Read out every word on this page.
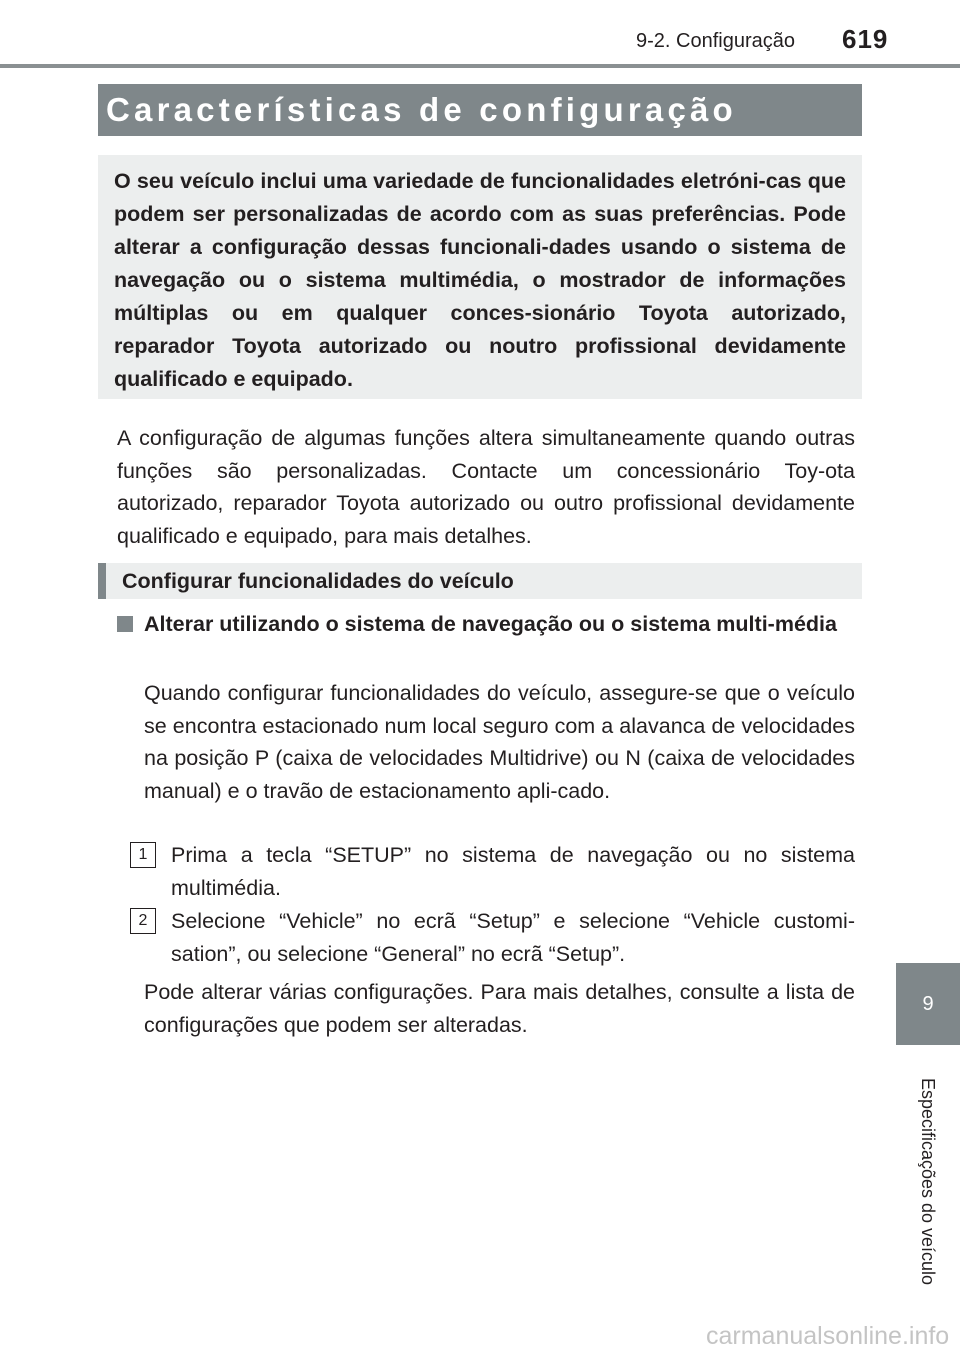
9-2. Configuração 619
9
Especificações do veículo
Características de configuração

O seu veículo inclui uma variedade de funcionalidades eletróni-cas que podem ser personalizadas de acordo com as suas preferências. Pode alterar a configuração dessas funcionali-dades usando o sistema de navegação ou o sistema multimédia, o mostrador de informações múltiplas ou em qualquer conces-sionário Toyota autorizado, reparador Toyota autorizado ou noutro profissional devidamente qualificado e equipado.

A configuração de algumas funções altera simultaneamente quando outras funções são personalizadas. Contacte um concessionário Toy-ota autorizado, reparador Toyota autorizado ou outro profissional devidamente qualificado e equipado, para mais detalhes.

Configurar funcionalidades do veículo

Alterar utilizando o sistema de navegação ou o sistema multi-média

Quando configurar funcionalidades do veículo, assegure-se que o veículo se encontra estacionado num local seguro com a alavanca de velocidades na posição P (caixa de velocidades Multidrive) ou N (caixa de velocidades manual) e o travão de estacionamento apli-cado.

1	Prima a tecla “SETUP” no sistema de navegação ou no sistema multimédia.

2	Selecione “Vehicle” no ecrã “Setup” e selecione “Vehicle customi-sation”, ou selecione “General” no ecrã “Setup”.

Pode alterar várias configurações. Para mais detalhes, consulte a lista de configurações que podem ser alteradas.

carmanualsonline.info
